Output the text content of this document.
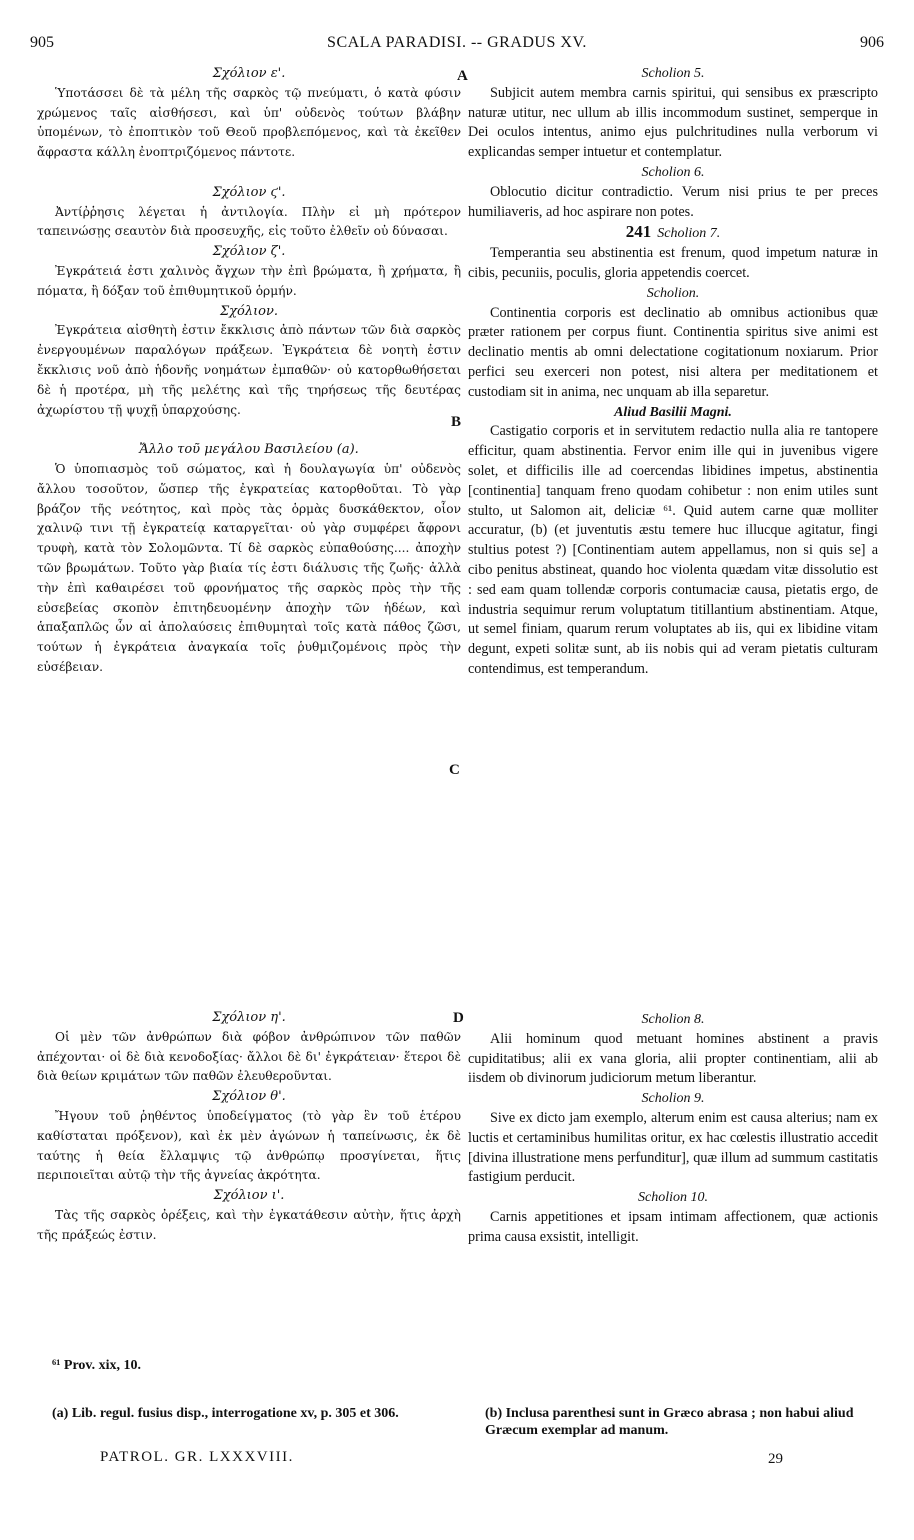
905	SCALA PARADISI. -- GRADUS XV.	906
A
B
C
D

Σχόλιον ε'.

Ὑποτάσσει δὲ τὰ μέλη τῆς σαρκὸς τῷ πνεύματι, ὁ κατὰ φύσιν χρώμενος ταῖς αἰσθήσεσι, καὶ ὑπ' οὐδενὸς τούτων βλάβην ὑπομένων, τὸ ἐποπτικὸν τοῦ Θεοῦ προβλεπόμενος, καὶ τὰ ἐκεῖθεν ἄφραστα κάλλη ἐνοπτριζόμενος πάντοτε.

Σχόλιον ϛ'.

Ἀντίῤῥησις λέγεται ἡ ἀντιλογία. Πλὴν εἰ μὴ πρότερον ταπεινώσῃς σεαυτὸν διὰ προσευχῆς, εἰς τοῦτο ἐλθεῖν οὐ δύνασαι.

Σχόλιον ζ'.

Ἐγκράτειά ἐστι χαλινὸς ἄγχων τὴν ἐπὶ βρώματα, ἢ χρήματα, ἢ πόματα, ἢ δόξαν τοῦ ἐπιθυμητικοῦ ὁρμήν.

Σχόλιον.

Ἐγκράτεια αἰσθητὴ ἐστιν ἔκκλισις ἀπὸ πάντων τῶν διὰ σαρκὸς ἐνεργουμένων παραλόγων πράξεων. Ἐγκράτεια δὲ νοητὴ ἐστιν ἔκκλισις νοῦ ἀπὸ ἡδονῆς νοημάτων ἐμπαθῶν· οὐ κατορθωθήσεται δὲ ἡ προτέρα, μὴ τῆς μελέτης καὶ τῆς τηρήσεως τῆς δευτέρας ἀχωρίστου τῇ ψυχῇ ὑπαρχούσης.

Ἄλλο τοῦ μεγάλου Βασιλείου (a).

Ὁ ὑποπιασμὸς τοῦ σώματος, καὶ ἡ δουλαγωγία ὑπ' οὐδενὸς ἄλλου τοσοῦτον, ὥσπερ τῆς ἐγκρατείας κατορθοῦται. Τὸ γὰρ βράζον τῆς νεότητος, καὶ πρὸς τὰς ὁρμὰς δυσκάθεκτον, οἷον χαλινῷ τινι τῇ ἐγκρατείᾳ καταργεῖται· οὐ γὰρ συμφέρει ἄφρονι τρυφὴ, κατὰ τὸν Σολομῶντα. Τί δὲ σαρκὸς εὐπαθούσης.... ἀποχὴν τῶν βρωμάτων. Τοῦτο γὰρ βιαία τίς ἐστι διάλυσις τῆς ζωῆς· ἀλλὰ τὴν ἐπὶ καθαιρέσει τοῦ φρονήματος τῆς σαρκὸς πρὸς τὴν τῆς εὐσεβείας σκοπὸν ἐπιτηδευομένην ἀποχὴν τῶν ἡδέων, καὶ ἁπαξαπλῶς ὧν αἱ ἀπολαύσεις ἐπιθυμηταὶ τοῖς κατὰ πάθος ζῶσι, τούτων ἡ ἐγκράτεια ἀναγκαία τοῖς ῥυθμιζομένοις πρὸς τὴν εὐσέβειαν.

Scholion 5.

Subjicit autem membra carnis spiritui, qui sensibus ex præscripto naturæ utitur, nec ullum ab illis incommodum sustinet, semperque in Dei oculos intentus, animo ejus pulchritudines nulla verborum vi explicandas semper intuetur et contemplatur.

Scholion 6.

Oblocutio dicitur contradictio. Verum nisi prius te per preces humiliaveris, ad hoc aspirare non potes.

241 Scholion 7.

Temperantia seu abstinentia est frenum, quod impetum naturæ in cibis, pecuniis, poculis, gloria appetendis coercet.

Scholion.

Continentia corporis est declinatio ab omnibus actionibus quæ præter rationem per corpus fiunt. Continentia spiritus sive animi est declinatio mentis ab omni delectatione cogitationum noxiarum. Prior perfici seu exerceri non potest, nisi altera per meditationem et custodiam sit in anima, nec unquam ab illa separetur.

Aliud Basilii Magni.

Castigatio corporis et in servitutem redactio nulla alia re tantopere efficitur, quam abstinentia. Fervor enim ille qui in juvenibus vigere solet, et difficilis ille ad coercendas libidines impetus, abstinentia [continentia] tanquam freno quodam cohibetur : non enim utiles sunt stulto, ut Salomon ait, deliciæ ⁶¹. Quid autem carne quæ molliter accuratur, (b) (et juventutis æstu temere huc illucque agitatur, fingi stultius potest ?) [Continentiam autem appellamus, non si quis se] a cibo penitus abstineat, quando hoc violenta quædam vitæ dissolutio est : sed eam quam tollendæ corporis contumaciæ causa, pietatis ergo, de industria sequimur rerum voluptatum titillantium abstinentiam. Atque, ut semel finiam, quarum rerum voluptates ab iis, qui ex libidine vitam degunt, expeti solitæ sunt, ab iis nobis qui ad veram pietatis culturam contendimus, est temperandum.

Σχόλιον η'.

Οἱ μὲν τῶν ἀνθρώπων διὰ φόβον ἀνθρώπινον τῶν παθῶν ἀπέχονται· οἱ δὲ διὰ κενοδοξίας· ἄλλοι δὲ δι' ἐγκράτειαν· ἕτεροι δὲ διὰ θείων κριμάτων τῶν παθῶν ἐλευθεροῦνται.

Σχόλιον θ'.

Ἤγουν τοῦ ῥηθέντος ὑποδείγματος (τὸ γὰρ ἓν τοῦ ἑτέρου καθίσταται πρόξενον), καὶ ἐκ μὲν ἀγώνων ἡ ταπείνωσις, ἐκ δὲ ταύτης ἡ θεία ἔλλαμψις τῷ ἀνθρώπῳ προσγίνεται, ἥτις περιποιεῖται αὐτῷ τὴν τῆς ἁγνείας ἀκρότητα.

Σχόλιον ι'.

Τὰς τῆς σαρκὸς ὀρέξεις, καὶ τὴν ἐγκατάθεσιν αὐτὴν, ἥτις ἀρχὴ τῆς πράξεώς ἐστιν.

Scholion 8.

Alii hominum quod metuant homines abstinent a pravis cupiditatibus; alii ex vana gloria, alii propter continentiam, alii ab iisdem ob divinorum judiciorum metum liberantur.

Scholion 9.

Sive ex dicto jam exemplo, alterum enim est causa alterius; nam ex luctis et certaminibus humilitas oritur, ex hac cœlestis illustratio accedit [divina illustratione mens perfunditur], quæ illum ad summum castitatis fastigium perducit.

Scholion 10.

Carnis appetitiones et ipsam intimam affectionem, quæ actionis prima causa exsistit, intelligit.

⁶¹ Prov. xix, 10.
(a) Lib. regul. fusius disp., interrogatione xv, p. 305 et 306.	(b) Inclusa parenthesi sunt in Græco abrasa ; non habui aliud Græcum exemplar ad manum.
PATROL. GR. LXXXVIII.	29
